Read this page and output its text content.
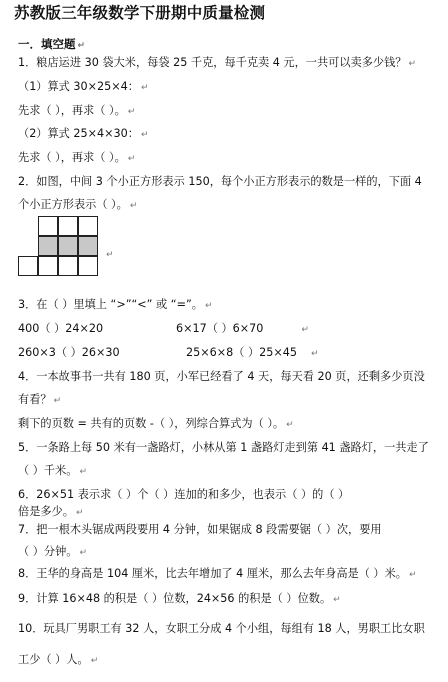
苏教版三年级数学下册期中质量检测
一．填空题 ↵
1．粮店运进 30 袋大米，每袋 25 千克，每千克卖 4 元，一共可以卖多少钱？ ↵
（1）算式 30×25×4： ↵
先求（ ），再求（ ）。 ↵
（2）算式 25×4×30： ↵
先求（ ），再求（ ）。 ↵
2．如图，中间 3 个小正方形表示 150，每个小正方形表示的数是一样的，下面 4
个小正方形表示（ ）。 ↵
↵
3．在（ ）里填上 “>”“<” 或 “=”。 ↵
400（ ）24×20	6×17（ ）6×70	↵
260×3（ ）26×30	25×6×8（ ）25×45 ↵
4．一本故事书一共有 180 页，小军已经看了 4 天，每天看 20 页，还剩多少页没
有看？ ↵
剩下的页数 = 共有的页数 -（ ），列综合算式为（ ）。 ↵
5．一条路上每 50 米有一盏路灯，小林从第 1 盏路灯走到第 41 盏路灯，一共走了
（ ）千米。 ↵
6．26×51 表示求（ ）个（ ）连加的和多少，也表示（ ）的（ ）
倍是多少。 ↵
7．把一根木头锯成两段要用 4 分钟，如果锯成 8 段需要锯（ ）次，要用
（ ）分钟。 ↵
8．王华的身高是 104 厘米，比去年增加了 4 厘米，那么去年身高是（ ）米。 ↵
9．计算 16×48 的积是（ ）位数，24×56 的积是（ ）位数。 ↵
10．玩具厂男职工有 32 人，女职工分成 4 个小组，每组有 18 人，男职工比女职
工少（ ）人。 ↵
